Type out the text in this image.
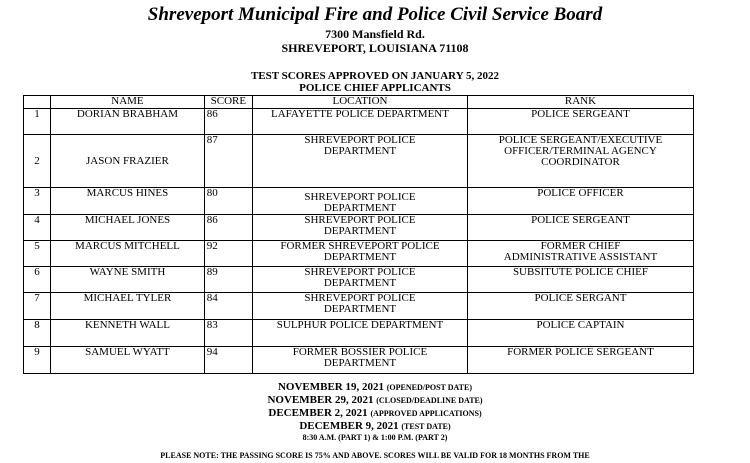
Shreveport Municipal Fire and Police Civil Service Board
7300 Mansfield Rd.
SHREVEPORT, LOUISIANA 71108
TEST SCORES APPROVED ON JANUARY 5, 2022
POLICE CHIEF APPLICANTS
	NAME	SCORE	LOCATION	RANK
1	DORIAN BRABHAM	86	LAFAYETTE POLICE DEPARTMENT	POLICE SERGEANT
2	JASON FRAZIER	87	SHREVEPORT POLICE DEPARTMENT	POLICE SERGEANT/EXECUTIVE OFFICER/TERMINAL AGENCY COORDINATOR
3	MARCUS HINES	80	SHREVEPORT POLICE DEPARTMENT	POLICE OFFICER
4	MICHAEL JONES	86	SHREVEPORT POLICE DEPARTMENT	POLICE SERGEANT
5	MARCUS MITCHELL	92	FORMER SHREVEPORT POLICE DEPARTMENT	FORMER CHIEF ADMINISTRATIVE ASSISTANT
6	WAYNE SMITH	89	SHREVEPORT POLICE DEPARTMENT	SUBSITUTE POLICE CHIEF
7	MICHAEL TYLER	84	SHREVEPORT POLICE DEPARTMENT	POLICE SERGANT
8	KENNETH WALL	83	SULPHUR POLICE DEPARTMENT	POLICE CAPTAIN
9	SAMUEL WYATT	94	FORMER BOSSIER POLICE DEPARTMENT	FORMER POLICE SERGEANT
NOVEMBER 19, 2021 (OPENED/POST DATE)
NOVEMBER 29, 2021 (CLOSED/DEADLINE DATE)
DECEMBER 2, 2021 (APPROVED APPLICATIONS)
DECEMBER 9, 2021 (TEST DATE)
8:30 A.M. (PART 1) & 1:00 P.M. (PART 2)
PLEASE NOTE: THE PASSING SCORE IS 75% AND ABOVE. SCORES WILL BE VALID FOR 18 MONTHS FROM THE
